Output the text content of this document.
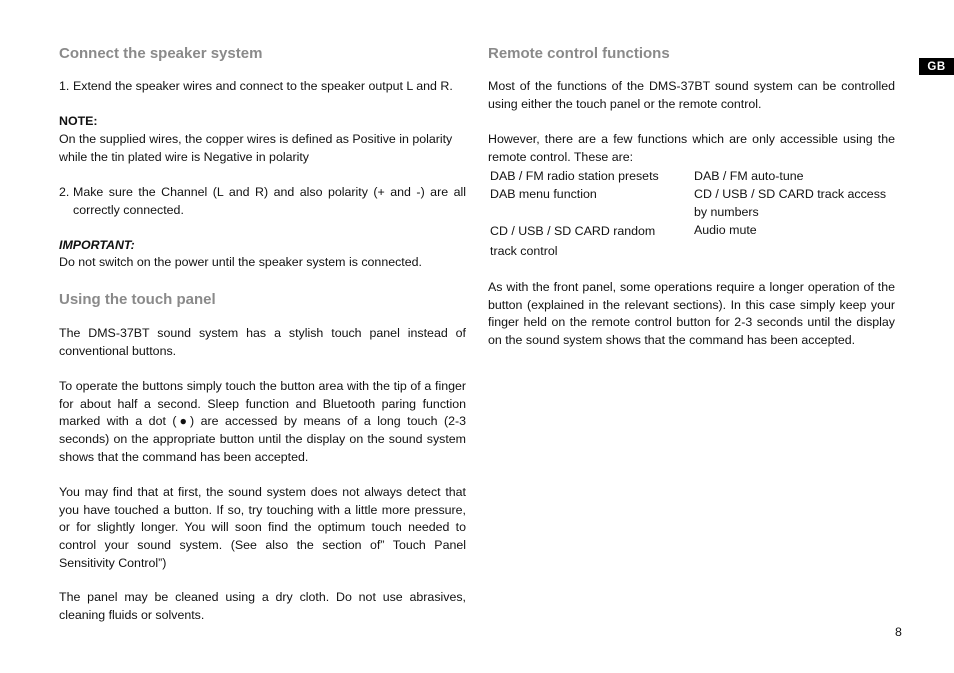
GB
Connect the speaker system
1. Extend the speaker wires and connect to the speaker output L and R.
NOTE:

On the supplied wires, the copper wires is defined as Positive in polarity while the tin plated wire is Negative in polarity

2. Make sure the Channel (L and R) and also polarity (+ and -) are all correctly connected.
IMPORTANT:

Do not switch on the power until the speaker system is connected.

Using the touch panel

The DMS-37BT sound system has a stylish touch panel instead of conventional buttons.

To operate the buttons simply touch the button area with the tip of a finger for about half a second. Sleep function and Bluetooth paring function marked with a dot (●) are accessed by means of a long touch (2-3 seconds) on the appropriate button until the display on the sound system shows that the command has been accepted.

You may find that at first, the sound system does not always detect that you have touched a button. If so, try touching with a little more pressure, or for slightly longer. You will soon find the optimum touch needed to control your sound system. (See also the section of” Touch Panel Sensitivity Control”)

The panel may be cleaned using a dry cloth. Do not use abrasives, cleaning fluids or solvents.

Remote control functions

Most of the functions of the DMS-37BT sound system can be controlled using either the touch panel or the remote control.

However, there are a few functions which are only accessible using the remote control. These are:

DAB / FM radio station presets	DAB / FM auto-tune
DAB menu function	CD / USB / SD CARD track access by numbers
CD / USB / SD CARD random track control
Audio mute

As with the front panel, some operations require a longer operation of the button (explained in the relevant sections). In this case simply keep your finger held on the remote control button for 2-3 seconds until the display on the sound system shows that the command has been accepted.

8
